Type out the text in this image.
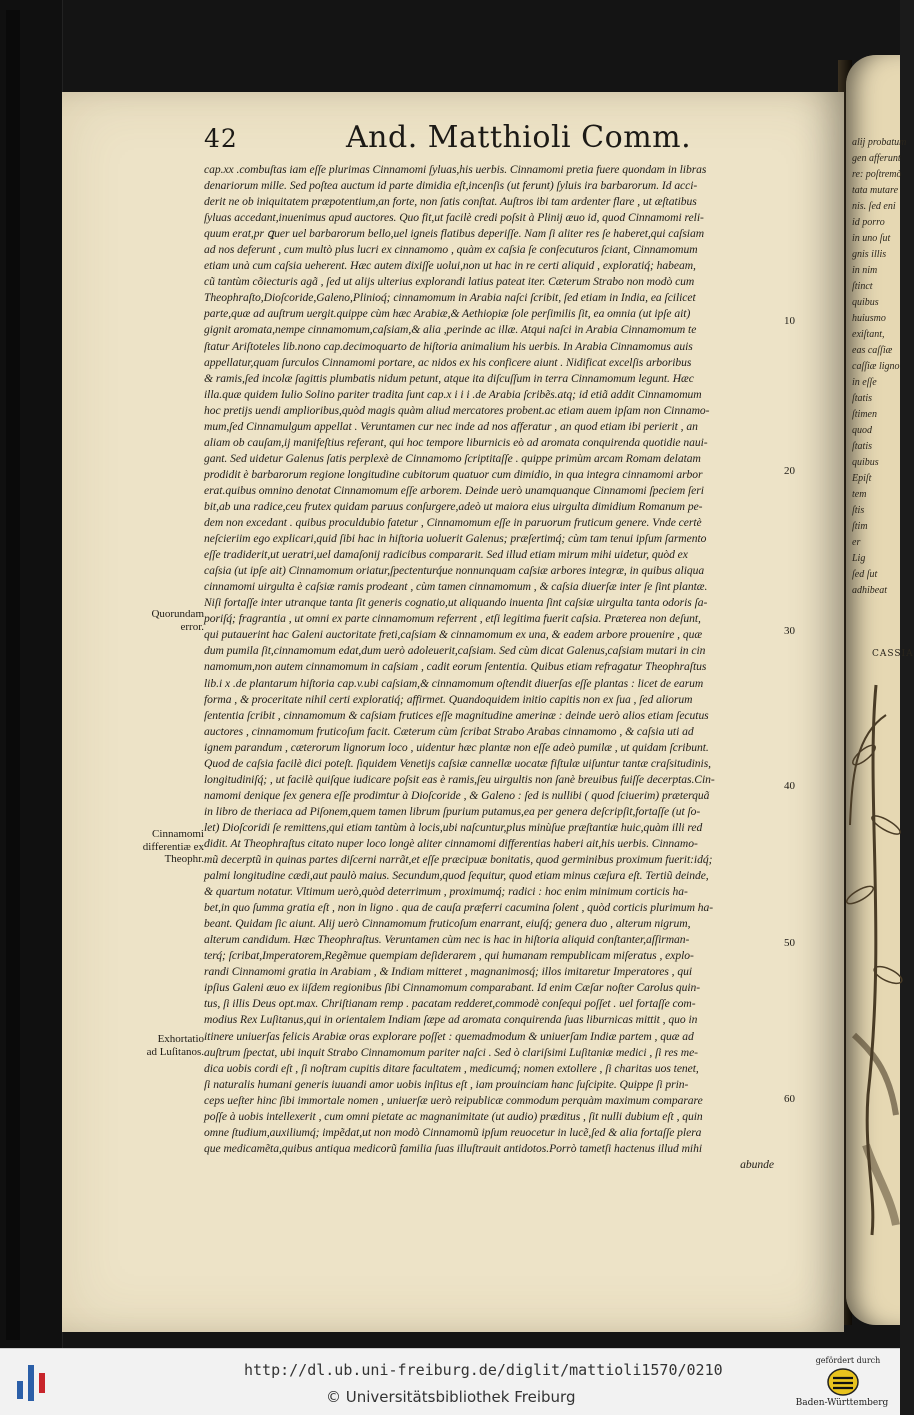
alij probatum
gen afferunt
re: poſtremò
tata mutare
nis. ſed eni
id porro
in uno ſut
gnis illis
in nim
ſtinct
quibus
huiusmo
exiſtant,
eas caſſiæ
caſſiæ ligno
in eſſe
ſtatis
ſtimen
quod
ſtatis
quibus
Epiſt
tem
ſtis
ſtim
er
Lig
ſed ſut
adhibeat
CASSIA
42	And. Matthioli Comm.
cap.xx .combuſtas iam eſſe plurimas Cinnamomi ſyluas,his uerbis. Cinnamomi pretia fuere quondam in libras
denariorum mille. Sed poſtea auctum id parte dimidia eſt,incenſis (ut ferunt) ſyluis ira barbarorum. Id acci-
derit ne ob iniquitatem præpotentium,an forte, non ſatis conſtat. Auſtros ibi tam ardenter flare , ut æſtatibus
ſyluas accedant,inuenimus apud auctores. Quo fit,ut facilè credi poſsit à Plinij æuo id, quod Cinnamomi reli-
quum erat,pr ꝗuer uel barbarorum bello,uel igneis flatibus deperiſſe. Nam ſi aliter res ſe haberet,qui caſsiam
ad nos deferunt , cum multò plus lucri ex cinnamomo , quàm ex caſsia ſe conſecuturos ſciant, Cinnamomum
etiam unà cum caſsia ueherent. Hæc autem dixiſſe uolui,non ut hac in re certi aliquid , exploratiq́; habeam,
cũ tantùm cõiecturis agã , ſed ut alijs ulterius explorandi latius pateat iter. Cæterum Strabo non modò cum
Theophraſto,Dioſcoride,Galeno,Plinioq́; cinnamomum in Arabia naſci ſcribit, ſed etiam in India, ea ſcilicet
parte,quæ ad auſtrum uergit.quippe cùm hæc Arabiæ,& Aethiopiæ ſole perſimilis ſit, ea omnia (ut ipſe ait)
gignit aromata,nempe cinnamomum,caſsiam,& alia ,perinde ac illæ. Atqui naſci in Arabia Cinnamomum te
ſtatur Ariſtoteles lib.nono cap.decimoquarto de hiſtoria animalium his uerbis. In Arabia Cinnamomus auis
appellatur,quam ſurculos Cinnamomi portare, ac nidos ex his conficere aiunt . Nidificat excelſis arboribus
& ramis,ſed incolæ ſagittis plumbatis nidum petunt, atque ita diſcuſſum in terra Cinnamomum legunt. Hæc
illa.quæ quidem Iulio Solino pariter tradita ſunt cap.x i i i .de Arabia ſcribẽs.atq; id etiã addit Cinnamomum
hoc pretijs uendi amplioribus,quòd magis quàm aliud mercatores probent.ac etiam auem ipſam non Cinnamo-
mum,ſed Cinnamulgum appellat . Veruntamen cur nec inde ad nos afferatur , an quod etiam ibi perierit , an
aliam ob cauſam,ij manifeſtius referant, qui hoc tempore liburnicis eò ad aromata conquirenda quotidie naui-
gant. Sed uidetur Galenus ſatis perplexè de Cinnamomo ſcriptitaſſe . quippe primùm arcam Romam delatam
prodidit è barbarorum regione longitudine cubitorum quatuor cum dimidio, in qua integra cinnamomi arbor
erat.quibus omnino denotat Cinnamomum eſſe arborem. Deinde uerò unamquanque Cinnamomi ſpeciem ſeri
bit,ab una radice,ceu frutex quidam paruus conſurgere,adeò ut maiora eius uirgulta dimidium Romanum pe-
dem non excedant . quibus proculdubio fatetur , Cinnamomum eſſe in paruorum fruticum genere. Vnde certè
neſcieriim ego explicari,quid ſibi hac in hiſtoria uoluerit Galenus; præſertimq́; cùm tam tenui ipſum ſarmento
eſſe tradiderit,ut ueratri,uel damaſonij radicibus compararit. Sed illud etiam mirum mihi uidetur, quòd ex
caſsia (ut ipſe ait) Cinnamomum oriatur,ſpectenturq́ue nonnunquam caſsiæ arbores integræ, in quibus aliqua
cinnamomi uirgulta è caſsiæ ramis prodeant , cùm tamen cinnamomum , & caſsia diuerſæ inter ſe ſint plantæ.
Niſi fortaſſe inter utranque tanta ſit generis cognatio,ut aliquando inuenta ſint caſsiæ uirgulta tanta odoris ſa-
poriſq́; fragrantia , ut omni ex parte cinnamomum referrent , etſi legitima fuerit caſsia. Præterea non deſunt,
qui putauerint hac Galeni auctoritate freti,caſsiam & cinnamomum ex una, & eadem arbore prouenire , quæ
dum pumila ſit,cinnamomum edat,dum uerò adoleuerit,caſsiam. Sed cùm dicat Galenus,caſsiam mutari in cin
namomum,non autem cinnamomum in caſsiam , cadit eorum ſententia. Quibus etiam refragatur Theophraſtus
lib.i x .de plantarum hiſtoria cap.v.ubi caſsiam,& cinnamomum oſtendit diuerſas eſſe plantas : licet de earum
forma , & proceritate nihil certi exploratiq́; affirmet. Quandoquidem initio capitis non ex ſua , ſed aliorum
ſententia ſcribit , cinnamomum & caſsiam frutices eſſe magnitudine amerinæ : deinde uerò alios etiam ſecutus
auctores , cinnamomum fruticoſum facit. Cæterum cùm ſcribat Strabo Arabas cinnamomo , & caſsia uti ad
ignem parandum , cæterorum lignorum loco , uidentur hæc plantæ non eſſe adeò pumilæ , ut quidam ſcribunt.
Quod de caſsia facilè dici poteſt. ſiquidem Venetijs caſsiæ cannellæ uocatæ fiſtulæ uiſuntur tantæ craſsitudinis,
longitudiniſq́; , ut facilè quiſque iudicare poſsit eas è ramis,ſeu uirgultis non ſanè breuibus fuiſſe decerptas.Cin-
namomi denique ſex genera eſſe prodimtur à Dioſcoride , & Galeno : ſed is nullibi ( quod ſciuerim) præterquã
in libro de theriaca ad Piſonem,quem tamen librum ſpurium putamus,ea per genera deſcripſit,fortaſſe (ut ſo-
let) Dioſcoridi ſe remittens,qui etiam tantùm à locis,ubi naſcuntur,plus minùſue præſtantiæ huic,quàm illi red
didit. At Theophraſtus citato nuper loco longè aliter cinnamomi differentias haberi ait,his uerbis. Cinnamo-
mũ decerptũ in quinas partes diſcerni narrãt,et eſſe præcipuæ bonitatis, quod germinibus proximum fuerit:idq́;
palmi longitudine cædi,aut paulò maius. Secundum,quod ſequitur, quod etiam minus cæſura eſt. Tertiũ deinde,
& quartum notatur. Vltimum uerò,quòd deterrimum , proximumq́; radici : hoc enim minimum corticis ha-
bet,in quo ſumma gratia eſt , non in ligno . qua de cauſa præferri cacumina ſolent , quòd corticis plurimum ha-
beant. Quidam ſic aiunt. Alij uerò Cinnamomum fruticoſum enarrant, eiuſq́; genera duo , alterum nigrum,
alterum candidum. Hæc Theophraſtus. Veruntamen cùm nec is hac in hiſtoria aliquid conſtanter,aſſirman-
terq́; ſcribat,Imperatorem,Regẽmue quempiam deſiderarem , qui humanam rempublicam miſeratus , explo-
randi Cinnamomi gratia in Arabiam , & Indiam mitteret , magnanimosq́; illos imitaretur Imperatores , qui
ipſius Galeni æuo ex iiſdem regionibus ſibi Cinnamomum comparabant. Id enim Cæſar noſter Carolus quin-
tus, ſi illis Deus opt.max. Chriſtianam remp . pacatam redderet,commodè conſequi poſſet . uel fortaſſe com-
modius Rex Luſitanus,qui in orientalem Indiam ſæpe ad aromata conquirenda ſuas liburnicas mittit , quo in
itinere uniuerſas felicis Arabiæ oras explorare poſſet : quemadmodum & uniuerſam Indiæ partem , quæ ad
auſtrum ſpectat, ubi inquit Strabo Cinnamomum pariter naſci . Sed ò clariſsimi Luſitaniæ medici , ſi res me-
dica uobis cordi eſt , ſi noſtram cupitis ditare facultatem , medicumq́; nomen extollere , ſi charitas uos tenet,
ſi naturalis humani generis iuuandi amor uobis inſitus eſt , iam prouinciam hanc ſuſcipite. Quippe ſi prin-
ceps ueſter hinc ſibi immortale nomen , uniuerſæ uerò reipublicæ commodum perquàm maximum comparare
poſſe à uobis intellexerit , cum omni pietate ac magnanimitate (ut audio) præditus , ſit nulli dubium eſt , quin
omne ſtudium,auxiliumq́; impẽdat,ut non modò Cinnamomũ ipſum reuocetur in lucẽ,ſed & alia fortaſſe plera
que medicamẽta,quibus antiqua medicorũ familia ſuas illuſtrauit antidotos.Porrò tametſi hactenus illud mihi
abunde
10
20
30
40
50
60
Quorundam
error.
Cinnamomi
differentiæ ex
Theophr.
Exhortatio
ad Luſitanos.
http://dl.ub.uni-freiburg.de/diglit/mattioli1570/0210
© Universitätsbibliothek Freiburg
gefördert durch
Baden-Württemberg
